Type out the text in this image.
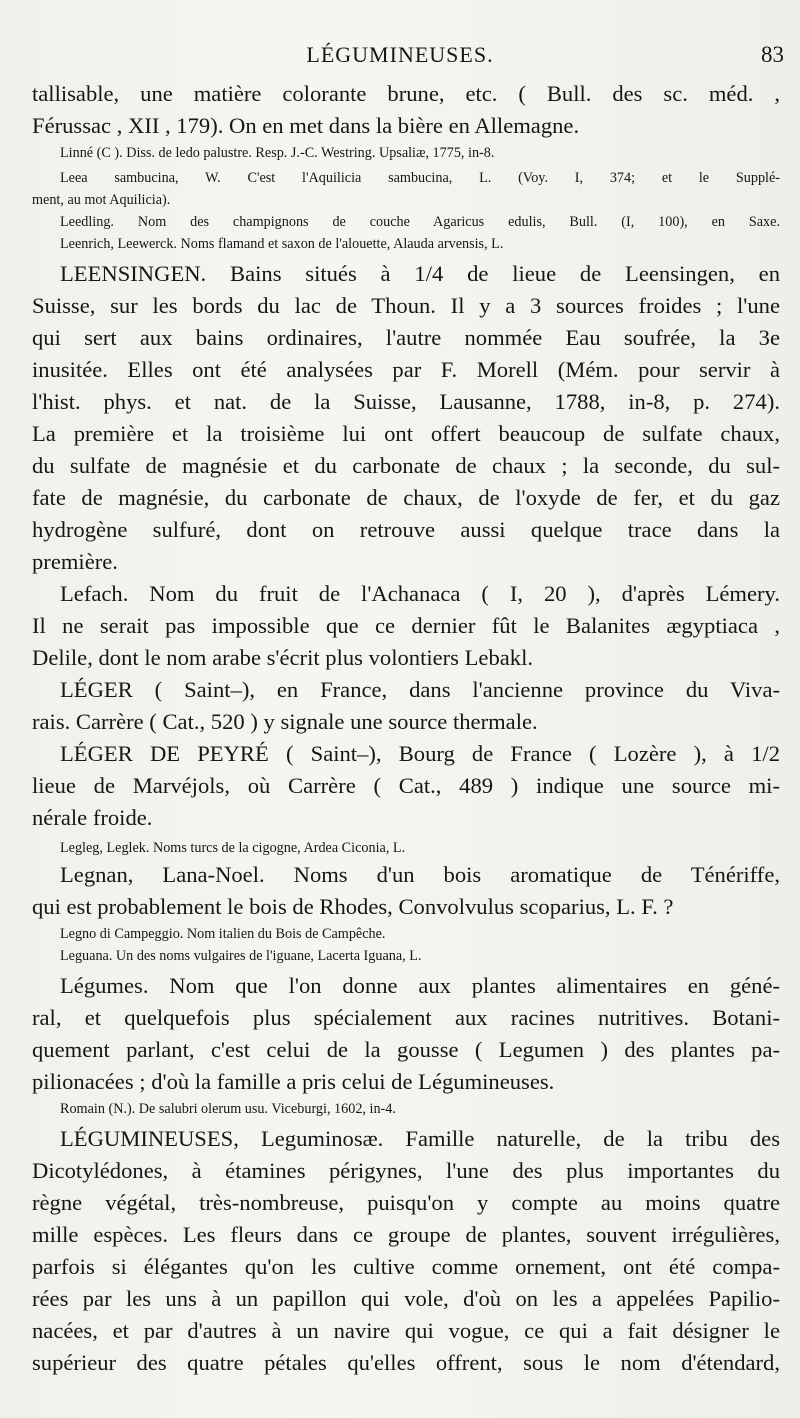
LÉGUMINEUSES.	83
tallisable, une matière colorante brune, etc. ( Bull. des sc. méd. ,
Férussac , XII , 179). On en met dans la bière en Allemagne.
Linné (C ). Diss. de ledo palustre. Resp. J.-C. Westring. Upsaliæ, 1775, in-8.
Leea sambucina, W. C'est l'Aquilicia sambucina, L. (Voy. I, 374; et le Supplé-
ment, au mot Aquilicia).
Leedling. Nom des champignons de couche Agaricus edulis, Bull. (I, 100), en Saxe.
Leenrich, Leewerck. Noms flamand et saxon de l'alouette, Alauda arvensis, L.
LEENSINGEN. Bains situés à 1/4 de lieue de Leensingen, en
Suisse, sur les bords du lac de Thoun. Il y a 3 sources froides ; l'une
qui sert aux bains ordinaires, l'autre nommée Eau soufrée, la 3e
inusitée. Elles ont été analysées par F. Morell (Mém. pour servir à
l'hist. phys. et nat. de la Suisse, Lausanne, 1788, in-8, p. 274).
La première et la troisième lui ont offert beaucoup de sulfate chaux,
du sulfate de magnésie et du carbonate de chaux ; la seconde, du sul-
fate de magnésie, du carbonate de chaux, de l'oxyde de fer, et du gaz
hydrogène sulfuré, dont on retrouve aussi quelque trace dans la
première.
Lefach. Nom du fruit de l'Achanaca ( I, 20 ), d'après Lémery.
Il ne serait pas impossible que ce dernier fût le Balanites ægyptiaca ,
Delile, dont le nom arabe s'écrit plus volontiers Lebakl.
LÉGER ( Saint–), en France, dans l'ancienne province du Viva-
rais. Carrère ( Cat., 520 ) y signale une source thermale.
LÉGER DE PEYRÉ ( Saint–), Bourg de France ( Lozère ), à 1/2
lieue de Marvéjols, où Carrère ( Cat., 489 ) indique une source mi-
nérale froide.
Legleg, Leglek. Noms turcs de la cigogne, Ardea Ciconia, L.
Legnan, Lana-Noel. Noms d'un bois aromatique de Ténériffe,
qui est probablement le bois de Rhodes, Convolvulus scoparius, L. F. ?
Legno di Campeggio. Nom italien du Bois de Campêche.
Leguana. Un des noms vulgaires de l'iguane, Lacerta Iguana, L.
Légumes. Nom que l'on donne aux plantes alimentaires en géné-
ral, et quelquefois plus spécialement aux racines nutritives. Botani-
quement parlant, c'est celui de la gousse ( Legumen ) des plantes pa-
pilionacées ; d'où la famille a pris celui de Légumineuses.
Romain (N.). De salubri olerum usu. Viceburgi, 1602, in-4.
LÉGUMINEUSES, Leguminosæ. Famille naturelle, de la tribu des
Dicotylédones, à étamines périgynes, l'une des plus importantes du
règne végétal, très-nombreuse, puisqu'on y compte au moins quatre
mille espèces. Les fleurs dans ce groupe de plantes, souvent irrégulières,
parfois si élégantes qu'on les cultive comme ornement, ont été compa-
rées par les uns à un papillon qui vole, d'où on les a appelées Papilio-
nacées, et par d'autres à un navire qui vogue, ce qui a fait désigner le
supérieur des quatre pétales qu'elles offrent, sous le nom d'étendard,
